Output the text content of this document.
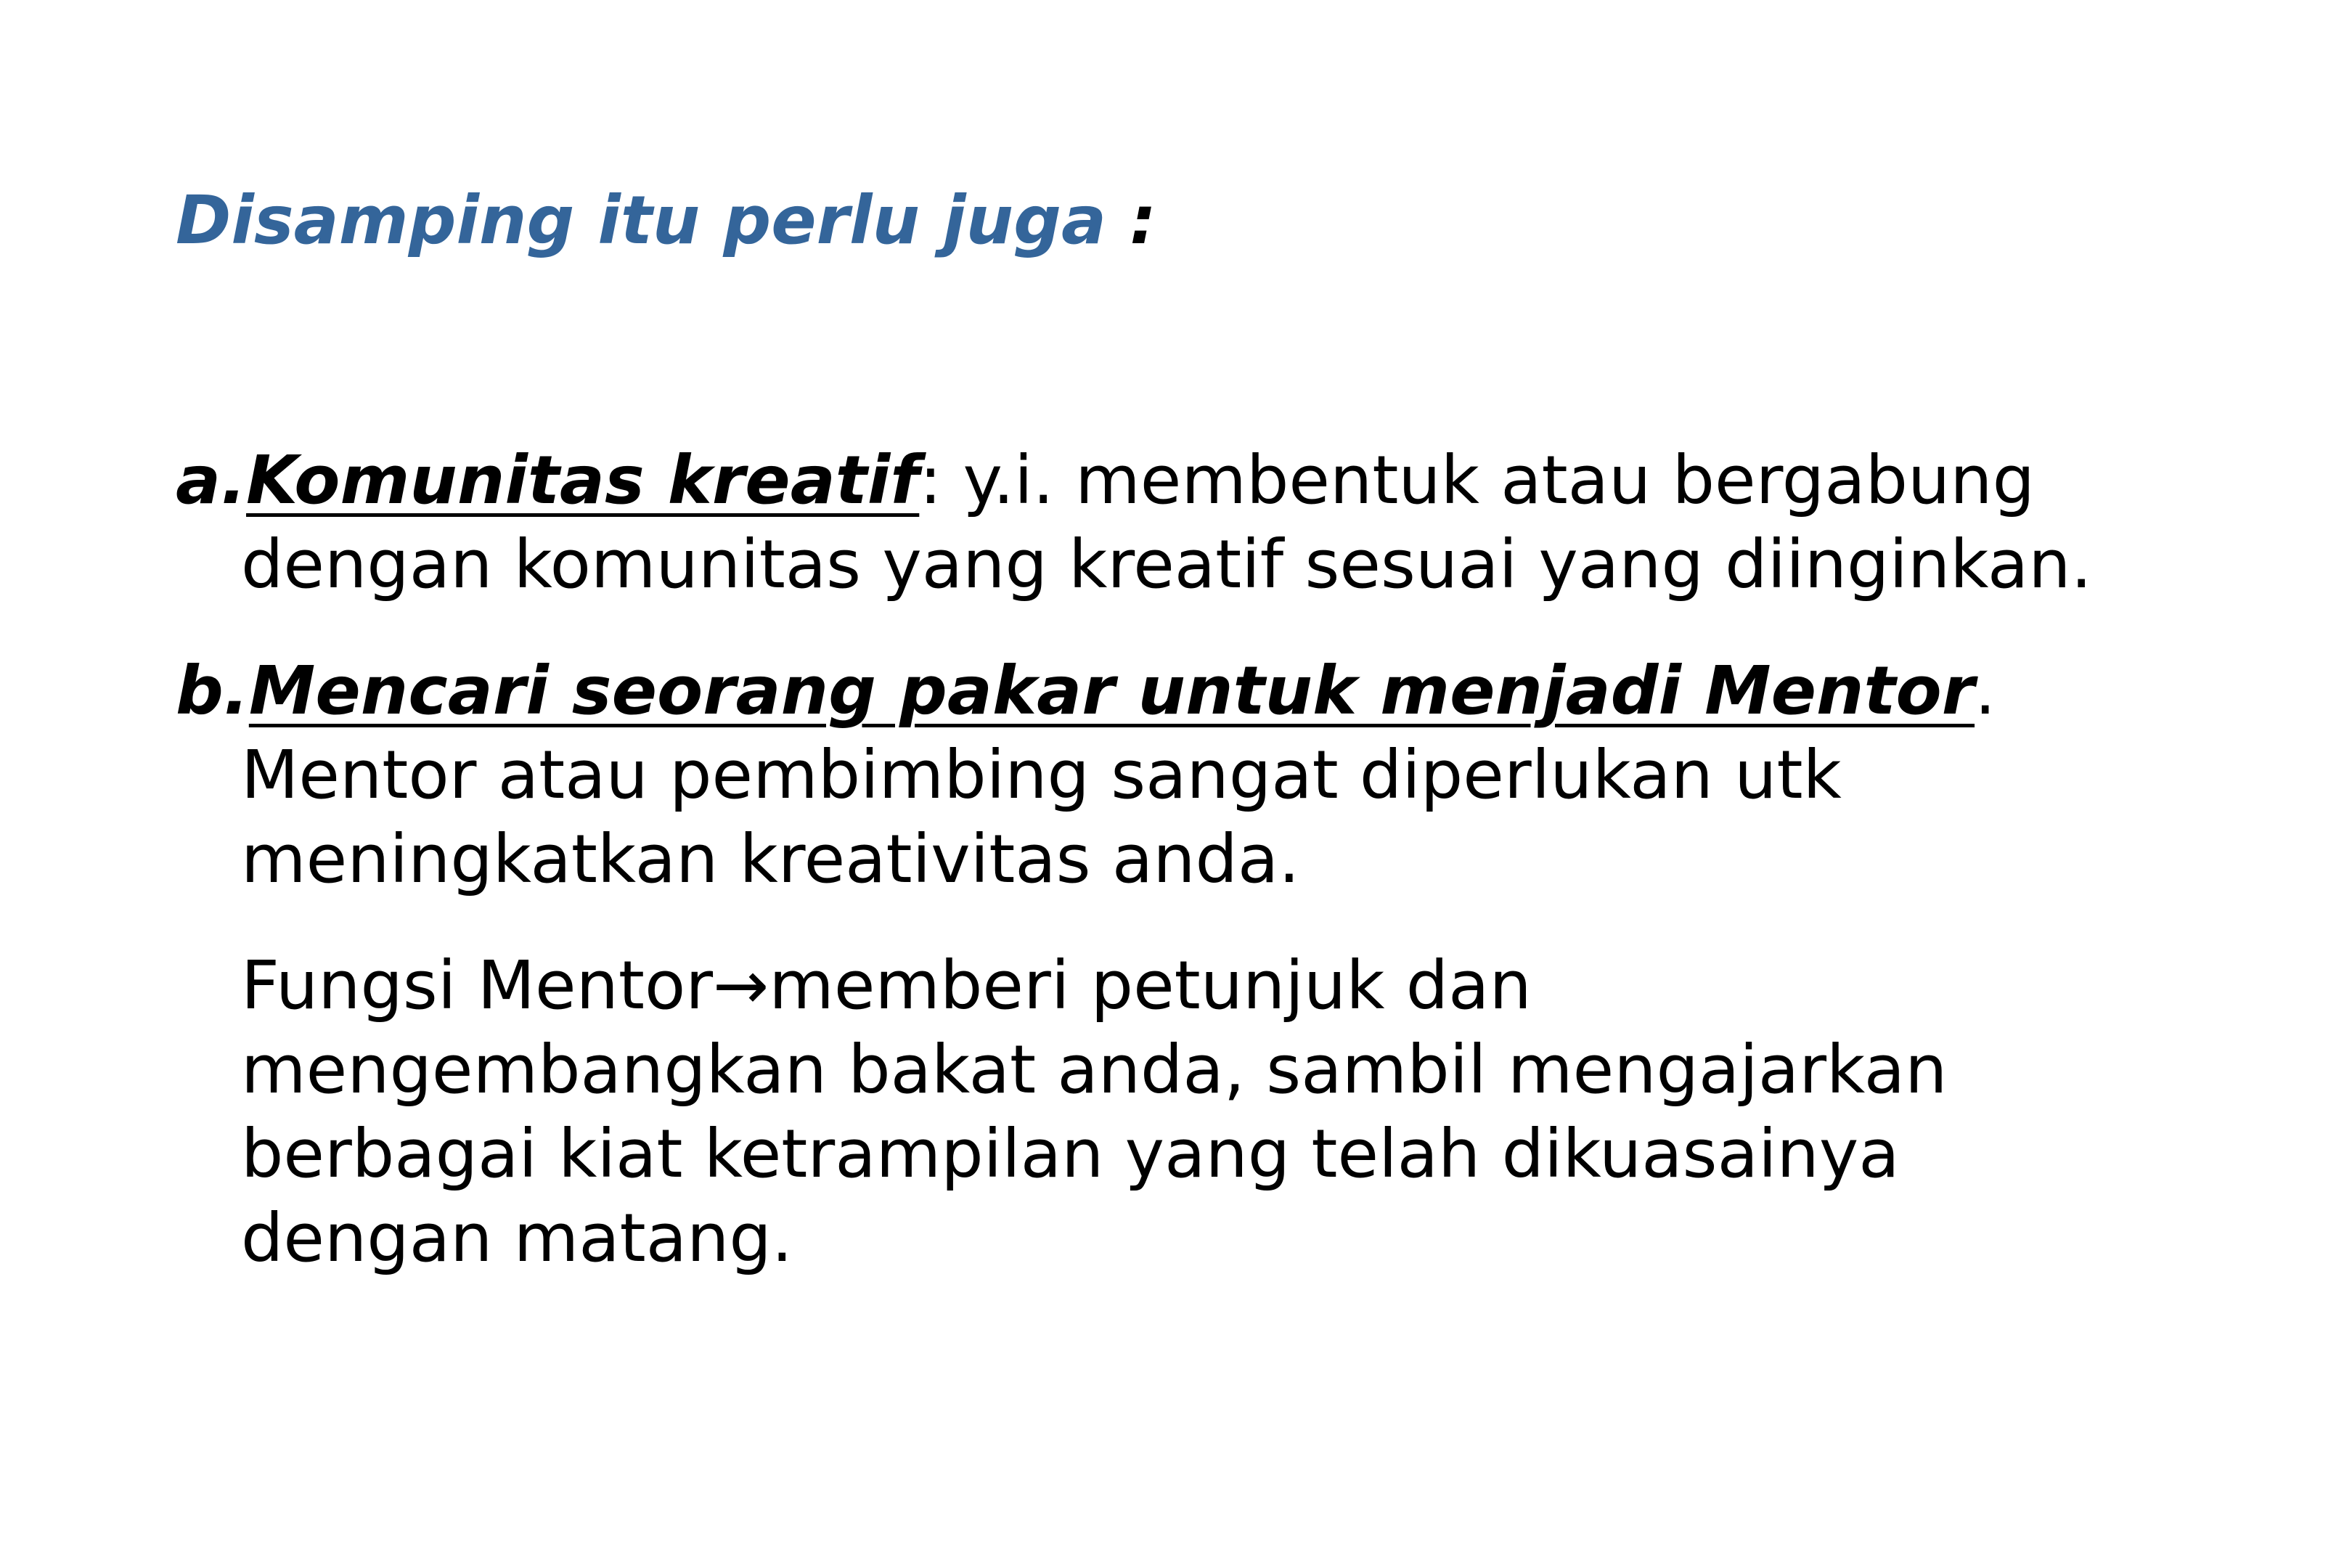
Disamping itu perlu juga :
a.Komunitas kreatif: y.i. membentuk atau bergabung
dengan komunitas yang kreatif sesuai yang diinginkan.
b.Mencari seorang pakar untuk menjadi Mentor.
Mentor atau pembimbing sangat diperlukan utk
meningkatkan kreativitas anda.
Fungsi Mentor→memberi petunjuk dan
mengembangkan bakat anda, sambil mengajarkan
berbagai kiat ketrampilan yang telah dikuasainya
dengan matang.
